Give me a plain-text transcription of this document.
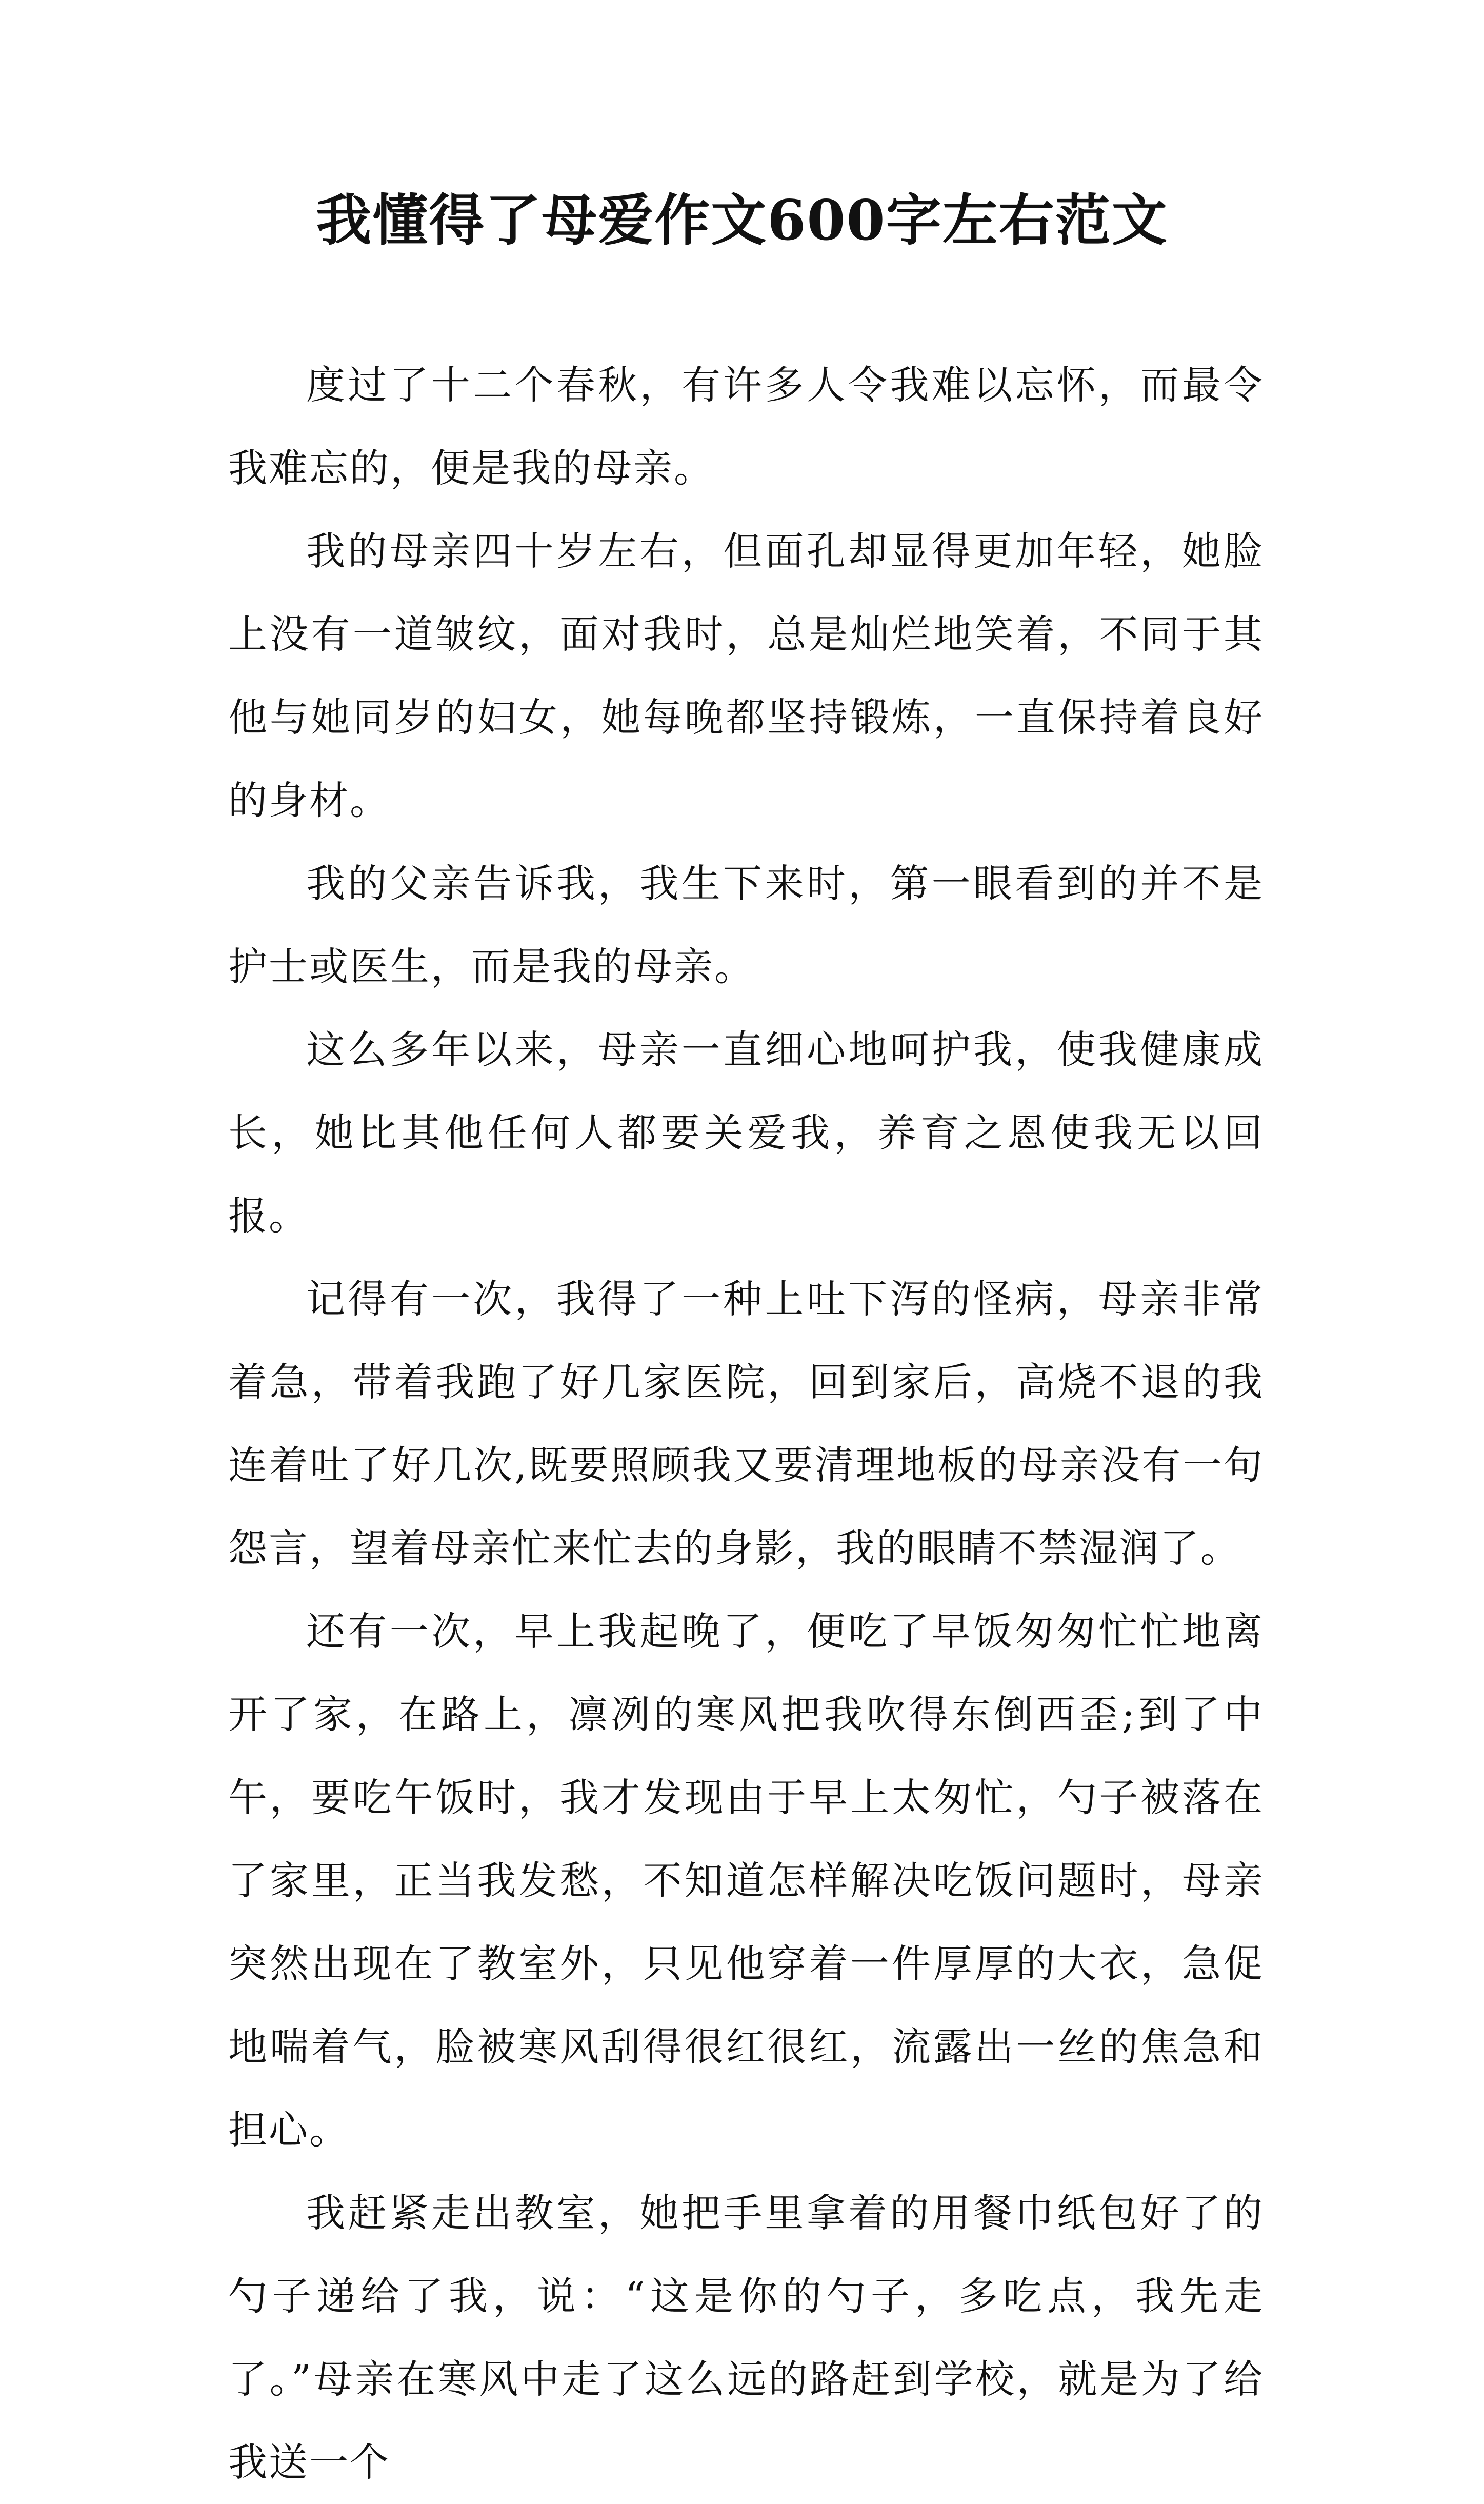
我懂得了母爱作文600字左右范文

度过了十二个春秋，有许多人令我难以忘怀，而最令我难忘的，便是我的母亲。

我的母亲四十岁左右，但面孔却显得更加年轻，她脸上没有一道皱纹，面对我时，总是灿烂地笑着，不同于其他与她同岁的妇女，她每晚都坚持锻炼，一直保持着良好的身材。

我的父亲告诉我，我生下来时，第一眼看到的并不是护士或医生，而是我的母亲。

这么多年以来，母亲一直细心地呵护我，使我健康成长，她比其他任何人都要关爱我，养育之恩使我无以回报。

记得有一次，我得了一种上吐下泻的怪病，母亲非常着急，带着我跑了好几家医院，回到家后，高烧不退的我连着吐了好几次,既要照顾我又要清理地板的母亲没有一句怨言，望着母亲忙来忙去的身影，我的眼睛不禁湿润了。

还有一次，早上我起晚了，便吃了早饭匆匆忙忙地离开了家，在路上，凛冽的寒风把我吹得东倒西歪;到了中午，要吃午饭时，我才发现由于早上太匆忙，勺子被落在了家里，正当我发愁，不知道怎样解决吃饭问题时，母亲突然出现在了教室外，只见他穿着一件厚厚的大衣，急促地喘着气，脸被寒风刮得很红很红，流露出一丝的焦急和担心。

我赶紧走出教室，她把手里拿着的用餐巾纸包好了的勺子递给了我，说：“这是你的勺子，多吃点，我先走了。”母亲在寒风中走了这么远的路赶到学校，就是为了给我送一个
